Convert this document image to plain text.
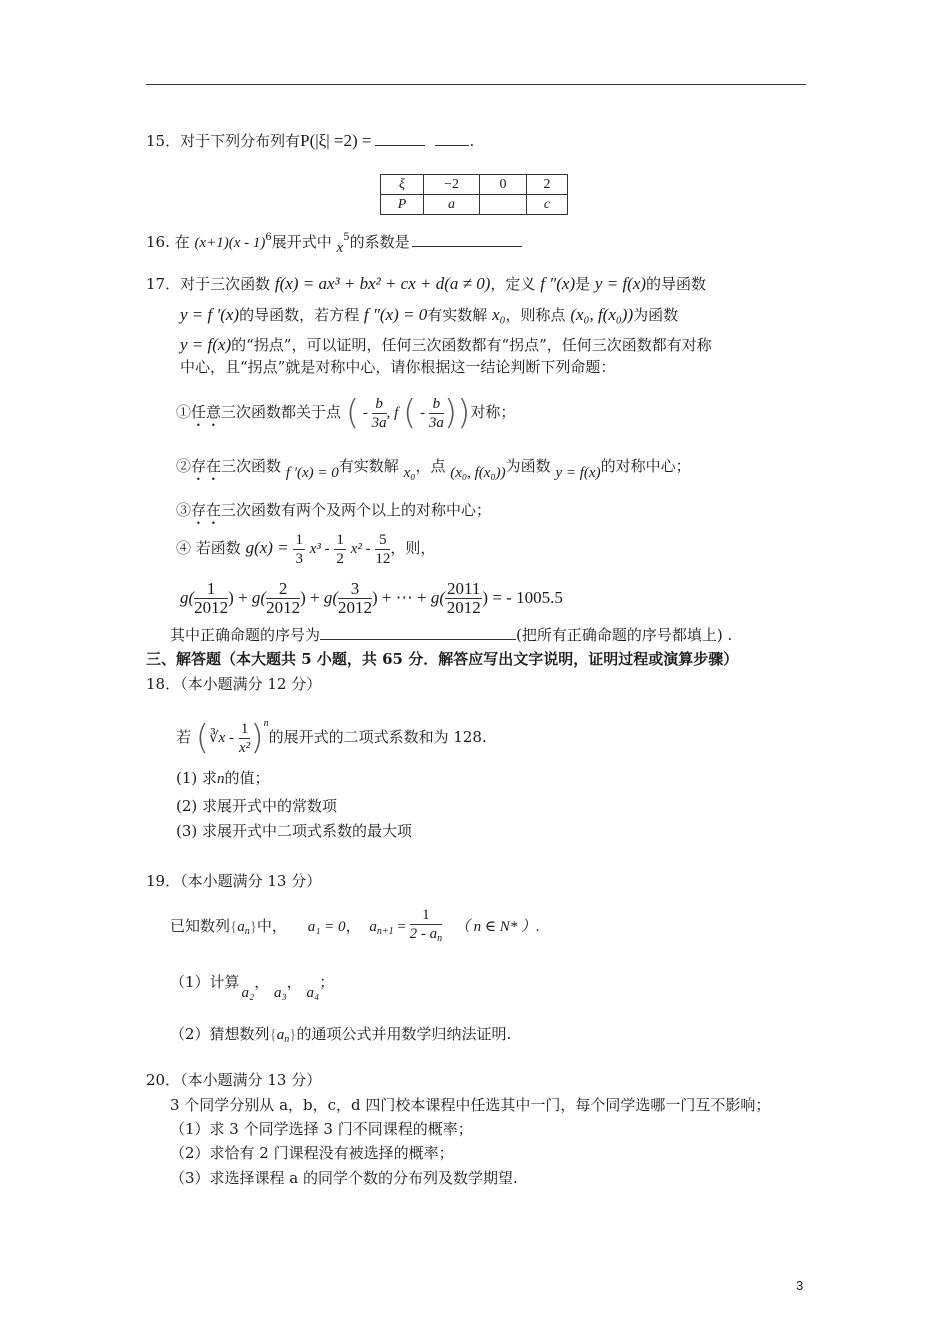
15．对于下列分布列有P(|ξ| =2) =	.
ξ	−2	0	2
P	a		c
16. 在 (x+1)(x - 1)$^6$展开式中 $x^5$的系数是
17．对于三次函数 f(x) = ax³ + bx² + cx + d(a ≠ 0)，定义 f ″(x)是 y = f(x)的导函数
y = f ′(x)的导函数，若方程 f ″(x) = 0有实数解 x₀，则称点 (x₀, f(x₀))为函数
y = f(x)的“拐点”，可以证明，任何三次函数都有“拐点”，任何三次函数都有对称
中心，且“拐点”就是对称中心，请你根据这一结论判断下列命题：
①任意三次函数都关于点 ( - $\frac{b}{3a}$ , f ( - $\frac{b}{3a}$ ))对称；
②存在三次函数 f ′(x) = 0有实数解 x₀，点 (x₀, f(x₀))为函数 y = f(x)的对称中心；
③存在三次函数有两个及两个以上的对称中心；
④ 若函数 $g(x) = \frac{1}{3} x^3 - \frac{1}{2} x^2 - \frac{5}{12}$ ，则，
$g( \frac{1}{2012}$ ) + $g( \frac{2}{2012}$ ) + $g( \frac{3}{2012}$ ) + ⋯ + $g( \frac{2011}{2012}$ ) = - 1005.5
其中正确命题的序号为	(把所有正确命题的序号都填上) .
三、解答题（本大题共 5 小题，共 65 分．解答应写出文字说明，证明过程或演算步骤）
18．（本小题满分 12 分）
若 (∛x - $\frac{1}{\text{x²}} )^n$的展开式的二项式系数和为 128.
(1) 求n的值；
(2) 求展开式中的常数项
(3) 求展开式中二项式系数的最大项
19．（本小题满分 13 分）
已知数列$\{a_n\}$中， a₁ = 0， $a_{n+1} = \frac{1}{2 - a_n}$ （ n ∈ N* ）.
（1）计算a₂， a₃， a₄；
（2）猜想数列$\{a_n\}$的通项公式并用数学归纳法证明.
20．（本小题满分 13 分）
3 个同学分别从 a，b，c，d 四门校本课程中任选其中一门，每个同学选哪一门互不影响；
（1）求 3 个同学选择 3 门不同课程的概率；
（2）求恰有 2 门课程没有被选择的概率；
（3）求选择课程 a 的同学个数的分布列及数学期望.
3
